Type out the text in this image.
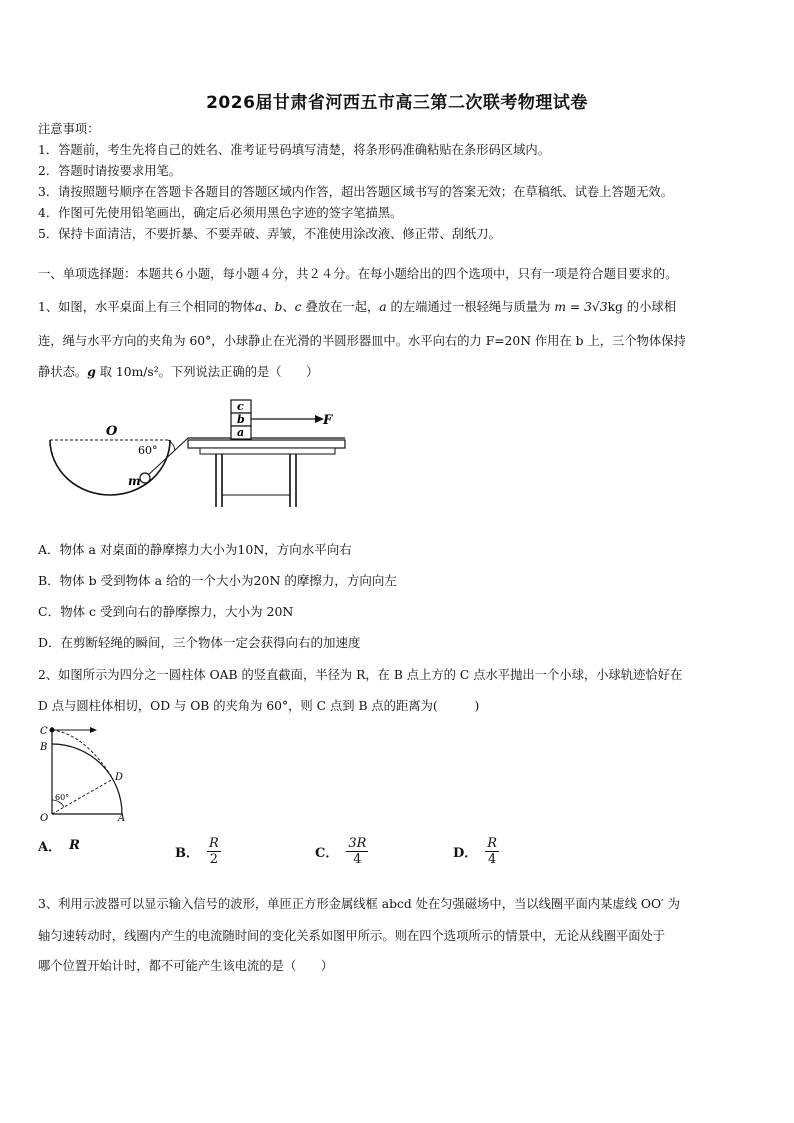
2026届甘肃省河西五市高三第二次联考物理试卷
注意事项：
1．答题前，考生先将自己的姓名、准考证号码填写清楚，将条形码准确粘贴在条形码区域内。
2．答题时请按要求用笔。
3．请按照题号顺序在答题卡各题目的答题区域内作答，超出答题区域书写的答案无效；在草稿纸、试卷上答题无效。
4．作图可先使用铅笔画出，确定后必须用黑色字迹的签字笔描黑。
5．保持卡面清洁，不要折暴、不要弄破、弄皱，不准使用涂改液、修正带、刮纸刀。
一、单项选择题：本题共６小题，每小题４分，共２４分。在每小题给出的四个选项中，只有一项是符合题目要求的。
1、如图，水平桌面上有三个相同的物体a、b、c 叠放在一起，a 的左端通过一根轻绳与质量为 m = 3√3kg 的小球相
连，绳与水平方向的夹角为 60°，小球静止在光滑的半圆形器皿中。水平向右的力 F=20N 作用在 b 上，三个物体保持
静状态。g 取 10m/s²。下列说法正确的是（　　）
O
60°
m
c
b
a
F
A．物体 a 对桌面的静摩擦力大小为10N，方向水平向右
B．物体 b 受到物体 a 给的一个大小为20N 的摩擦力，方向向左
C．物体 c 受到向右的静摩擦力，大小为 20N
D．在剪断轻绳的瞬间，三个物体一定会获得向右的加速度
2、如图所示为四分之一圆柱体 OAB 的竖直截面，半径为 R，在 B 点上方的 C 点水平抛出一个小球，小球轨迹恰好在
D 点与圆柱体相切，OD 与 OB 的夹角为 60°，则 C 点到 B 点的距离为(　　　)
C
B
D
O	A
60°
A． R
B． $\frac{R}{2}$	C． $\frac{3R}{4}$	D． $\frac{R}{4}$
3、利用示波器可以显示输入信号的波形，单匝正方形金属线框 abcd 处在匀强磁场中，当以线圈平面内某虚线 OO′ 为
轴匀速转动时，线圈内产生的电流随时间的变化关系如图甲所示。则在四个选项所示的情景中，无论从线圈平面处于
哪个位置开始计时，都不可能产生该电流的是（　　）
